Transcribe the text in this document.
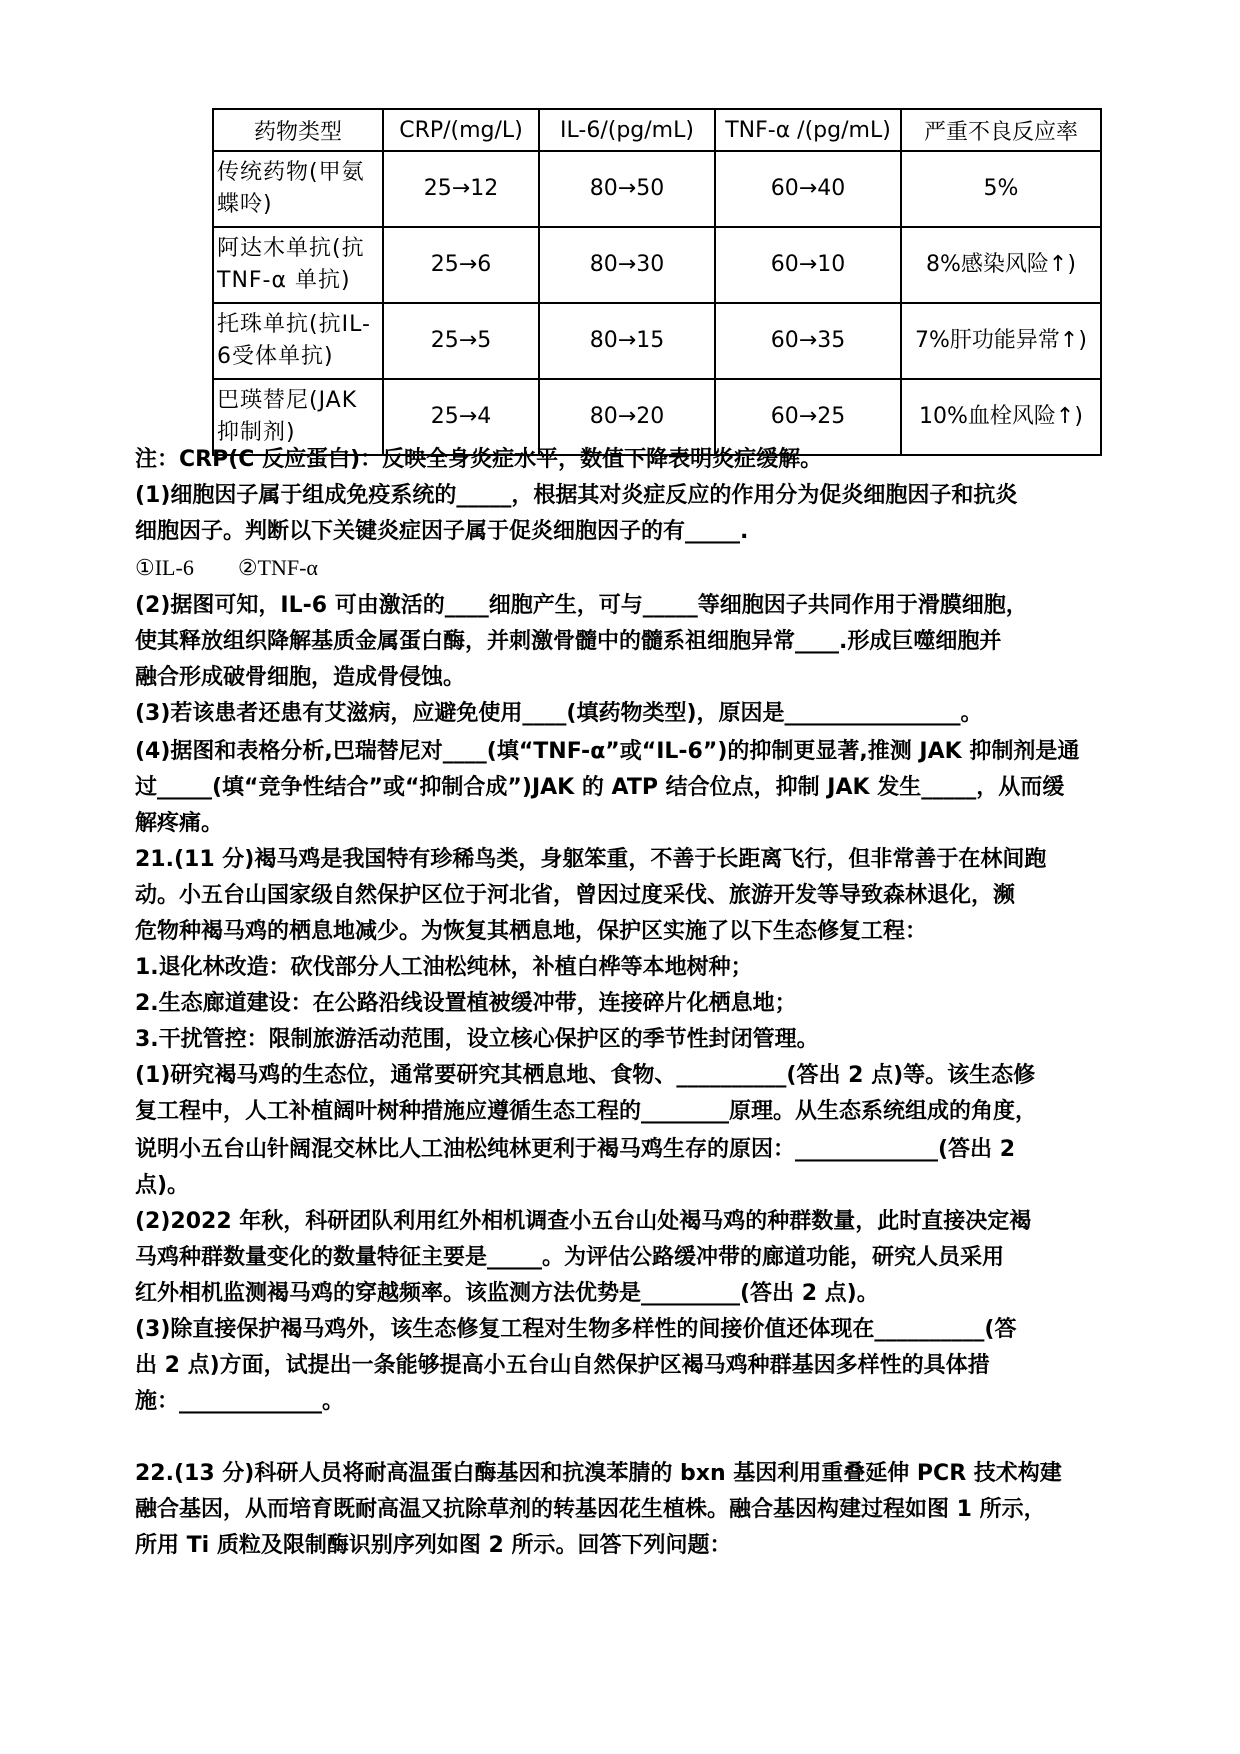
药物类型	CRP/(mg/L)	IL-6/(pg/mL)	TNF-α /(pg/mL)	严重不良反应率
传统药物(甲氨蝶呤)	25→12	80→50	60→40	5%
阿达木单抗(抗TNF-α 单抗)	25→6	80→30	60→10	8%感染风险↑)
托珠单抗(抗IL-6受体单抗)	25→5	80→15	60→35	7%肝功能异常↑)
巴瑛替尼(JAK抑制剂)	25→4	80→20	60→25	10%血栓风险↑)
注：CRP(C 反应蛋白)：反映全身炎症水平，数值下降表明炎症缓解。
(1)细胞因子属于组成免疫系统的_____，根据其对炎症反应的作用分为促炎细胞因子和抗炎
细胞因子。判断以下关键炎症因子属于促炎细胞因子的有_____.
①IL-6　　②TNF-α
(2)据图可知，IL-6 可由激活的____细胞产生，可与_____等细胞因子共同作用于滑膜细胞，
使其释放组织降解基质金属蛋白酶，并刺激骨髓中的髓系祖细胞异常____.形成巨噬细胞并
融合形成破骨细胞，造成骨侵蚀。
(3)若该患者还患有艾滋病，应避免使用____(填药物类型)，原因是________________。
(4)据图和表格分析,巴瑞替尼对____(填“TNF-α”或“IL-6”)的抑制更显著,推测 JAK 抑制剂是通
过_____(填“竞争性结合”或“抑制合成”)JAK 的 ATP 结合位点，抑制 JAK 发生_____，从而缓
解疼痛。
21.(11 分)褐马鸡是我国特有珍稀鸟类，身躯笨重，不善于长距离飞行，但非常善于在林间跑
动。小五台山国家级自然保护区位于河北省，曾因过度采伐、旅游开发等导致森林退化，濒
危物种褐马鸡的栖息地减少。为恢复其栖息地，保护区实施了以下生态修复工程：
1.退化林改造：砍伐部分人工油松纯林，补植白桦等本地树种；
2.生态廊道建设：在公路沿线设置植被缓冲带，连接碎片化栖息地；
3.干扰管控：限制旅游活动范围，设立核心保护区的季节性封闭管理。
(1)研究褐马鸡的生态位，通常要研究其栖息地、食物、__________(答出 2 点)等。该生态修
复工程中，人工补植阔叶树种措施应遵循生态工程的________原理。从生态系统组成的角度，
说明小五台山针阔混交林比人工油松纯林更利于褐马鸡生存的原因：_____________(答出 2
点)。
(2)2022 年秋，科研团队利用红外相机调查小五台山处褐马鸡的种群数量，此时直接决定褐
马鸡种群数量变化的数量特征主要是_____。为评估公路缓冲带的廊道功能，研究人员采用
红外相机监测褐马鸡的穿越频率。该监测方法优势是_________(答出 2 点)。
(3)除直接保护褐马鸡外，该生态修复工程对生物多样性的间接价值还体现在__________(答
出 2 点)方面，试提出一条能够提高小五台山自然保护区褐马鸡种群基因多样性的具体措
施：_____________。
22.(13 分)科研人员将耐高温蛋白酶基因和抗溴苯腈的 bxn 基因利用重叠延伸 PCR 技术构建
融合基因，从而培育既耐高温又抗除草剂的转基因花生植株。融合基因构建过程如图 1 所示，
所用 Ti 质粒及限制酶识别序列如图 2 所示。回答下列问题：
